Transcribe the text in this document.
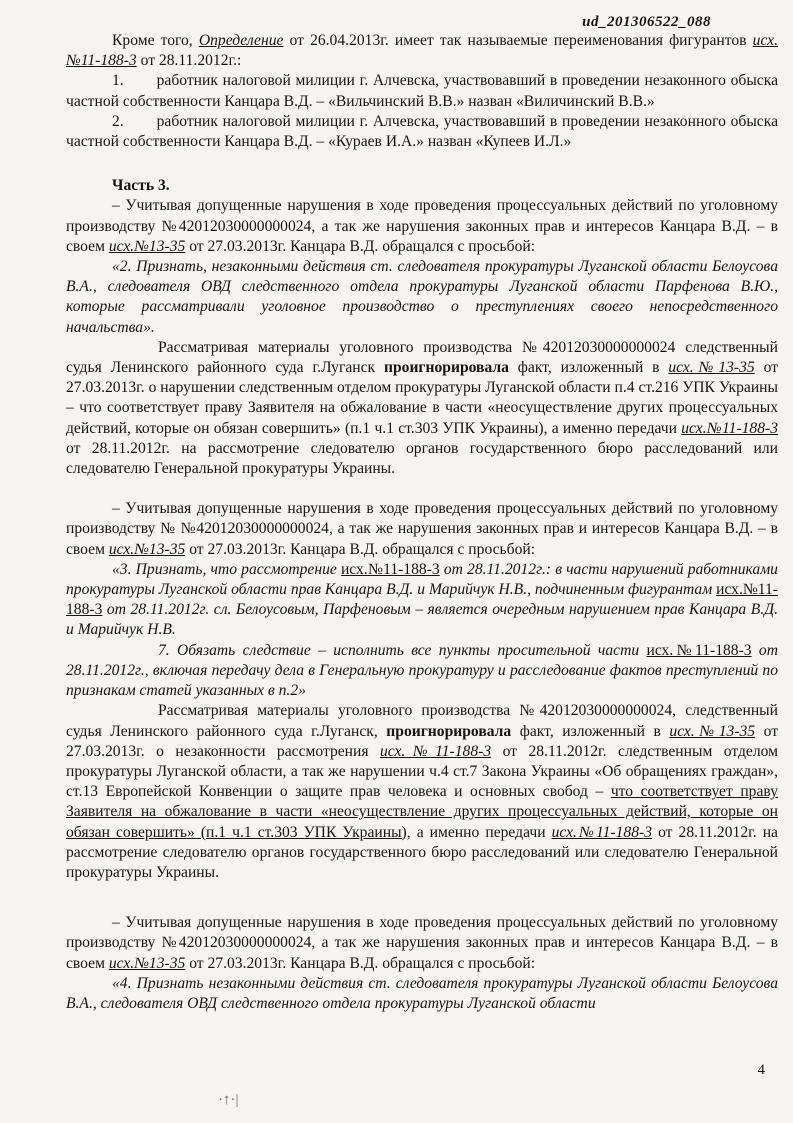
ud_201306522_088

Кроме того, Определение от 26.04.2013г. имеет так называемые переименования фигурантов исх.№11-188-3 от 28.11.2012г.:

1.       работник налоговой милиции г. Алчевска, участвовавший в проведении незаконного обыска частной собственности Канцара В.Д. – «Вильчинский В.В.» назван «Виличинский В.В.»

2.       работник налоговой милиции г. Алчевска, участвовавший в проведении незаконного обыска частной собственности Канцара В.Д. – «Кураев И.А.» назван «Купеев И.Л.»

Часть 3.

– Учитывая допущенные нарушения в ходе проведения процессуальных действий по уголовному производству №42012030000000024, а так же нарушения законных прав и интересов Канцара В.Д. – в своем исх.№13-35 от 27.03.2013г. Канцара В.Д. обращался с просьбой:

«2. Признать, незаконными действия ст. следователя прокуратуры Луганской области Белоусова В.А., следователя ОВД следственного отдела прокуратуры Луганской области Парфенова В.Ю., которые рассматривали уголовное производство о преступлениях своего непосредственного начальства».

Рассматривая материалы уголовного производства №42012030000000024 следственный судья Ленинского районного суда г.Луганск проигнорировала факт, изложенный в исх.№13-35 от 27.03.2013г. о нарушении следственным отделом прокуратуры Луганской области п.4 ст.216 УПК Украины – что соответствует праву Заявителя на обжалование в части «неосуществление других процессуальных действий, которые он обязан совершить» (п.1 ч.1 ст.303 УПК Украины), а именно передачи исх.№11-188-3 от 28.11.2012г. на рассмотрение следователю органов государственного бюро расследований или следователю Генеральной прокуратуры Украины.

– Учитывая допущенные нарушения в ходе проведения процессуальных действий по уголовному производству № №42012030000000024, а так же нарушения законных прав и интересов Канцара В.Д. – в своем исх.№13-35 от 27.03.2013г. Канцара В.Д. обращался с просьбой:

«3. Признать, что рассмотрение исх.№11-188-3 от 28.11.2012г.: в части нарушений работниками прокуратуры Луганской области прав Канцара В.Д. и Марийчук Н.В., подчиненным фигурантам исх.№11-188-3 от 28.11.2012г. сл. Белоусовым, Парфеновым – является очередным нарушением прав Канцара В.Д. и Марийчук Н.В.

7. Обязать следствие – исполнить все пункты просительной части исх.№11-188-3 от 28.11.2012г., включая передачу дела в Генеральную прокуратуру и расследование фактов преступлений по признакам статей указанных в п.2»

Рассматривая материалы уголовного производства №42012030000000024, следственный судья Ленинского районного суда г.Луганск, проигнорировала факт, изложенный в исх.№13-35 от 27.03.2013г. о незаконности рассмотрения исх.№11-188-3 от 28.11.2012г. следственным отделом прокуратуры Луганской области, а так же нарушении ч.4 ст.7 Закона Украины «Об обращениях граждан», ст.13 Европейской Конвенции о защите прав человека и основных свобод – что соответствует праву Заявителя на обжалование в части «неосуществление других процессуальных действий, которые он обязан совершить» (п.1 ч.1 ст.303 УПК Украины), а именно передачи исх.№11-188-3 от 28.11.2012г. на рассмотрение следователю органов государственного бюро расследований или следователю Генеральной прокуратуры Украины.

– Учитывая допущенные нарушения в ходе проведения процессуальных действий по уголовному производству №42012030000000024, а так же нарушения законных прав и интересов Канцара В.Д. – в своем исх.№13-35 от 27.03.2013г. Канцара В.Д. обращался с просьбой:

«4. Признать незаконными действия ст. следователя прокуратуры Луганской области Белоусова В.А., следователя ОВД следственного отдела прокуратуры Луганской области

4
·↑·|
